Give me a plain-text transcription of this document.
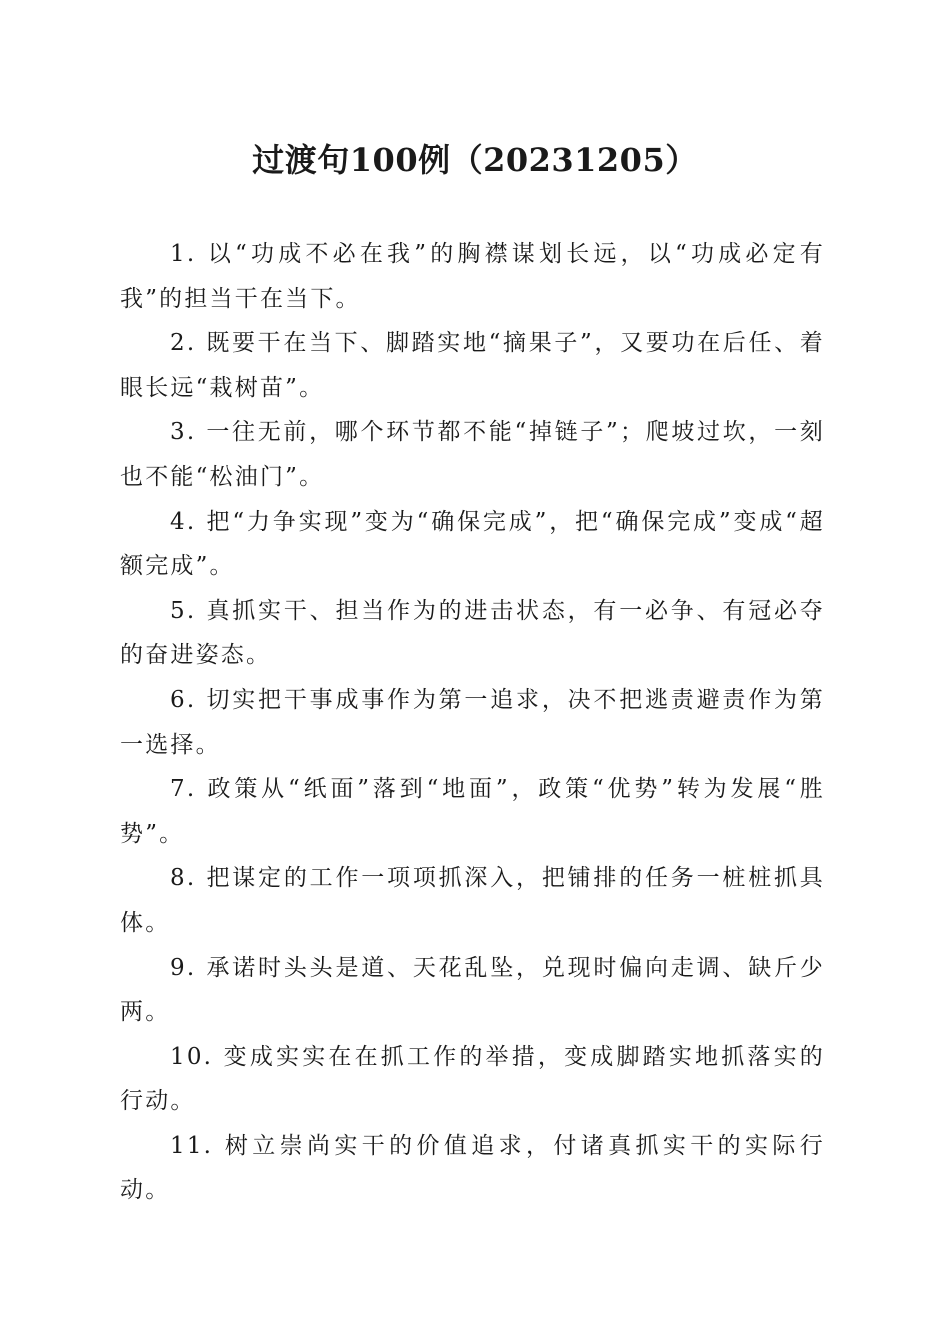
过渡句100例（20231205）

1. 以“功成不必在我”的胸襟谋划长远，以“功成必定有我”的担当干在当下。

2. 既要干在当下、脚踏实地“摘果子”，又要功在后任、着眼长远“栽树苗”。

3. 一往无前，哪个环节都不能“掉链子”；爬坡过坎，一刻也不能“松油门”。

4. 把“力争实现”变为“确保完成”，把“确保完成”变成“超额完成”。

5. 真抓实干、担当作为的进击状态，有一必争、有冠必夺的奋进姿态。

6. 切实把干事成事作为第一追求，决不把逃责避责作为第一选择。

7. 政策从“纸面”落到“地面”，政策“优势”转为发展“胜势”。

8. 把谋定的工作一项项抓深入，把铺排的任务一桩桩抓具体。

9. 承诺时头头是道、天花乱坠，兑现时偏向走调、缺斤少两。

10. 变成实实在在抓工作的举措，变成脚踏实地抓落实的行动。

11. 树立崇尚实干的价值追求，付诸真抓实干的实际行动。
